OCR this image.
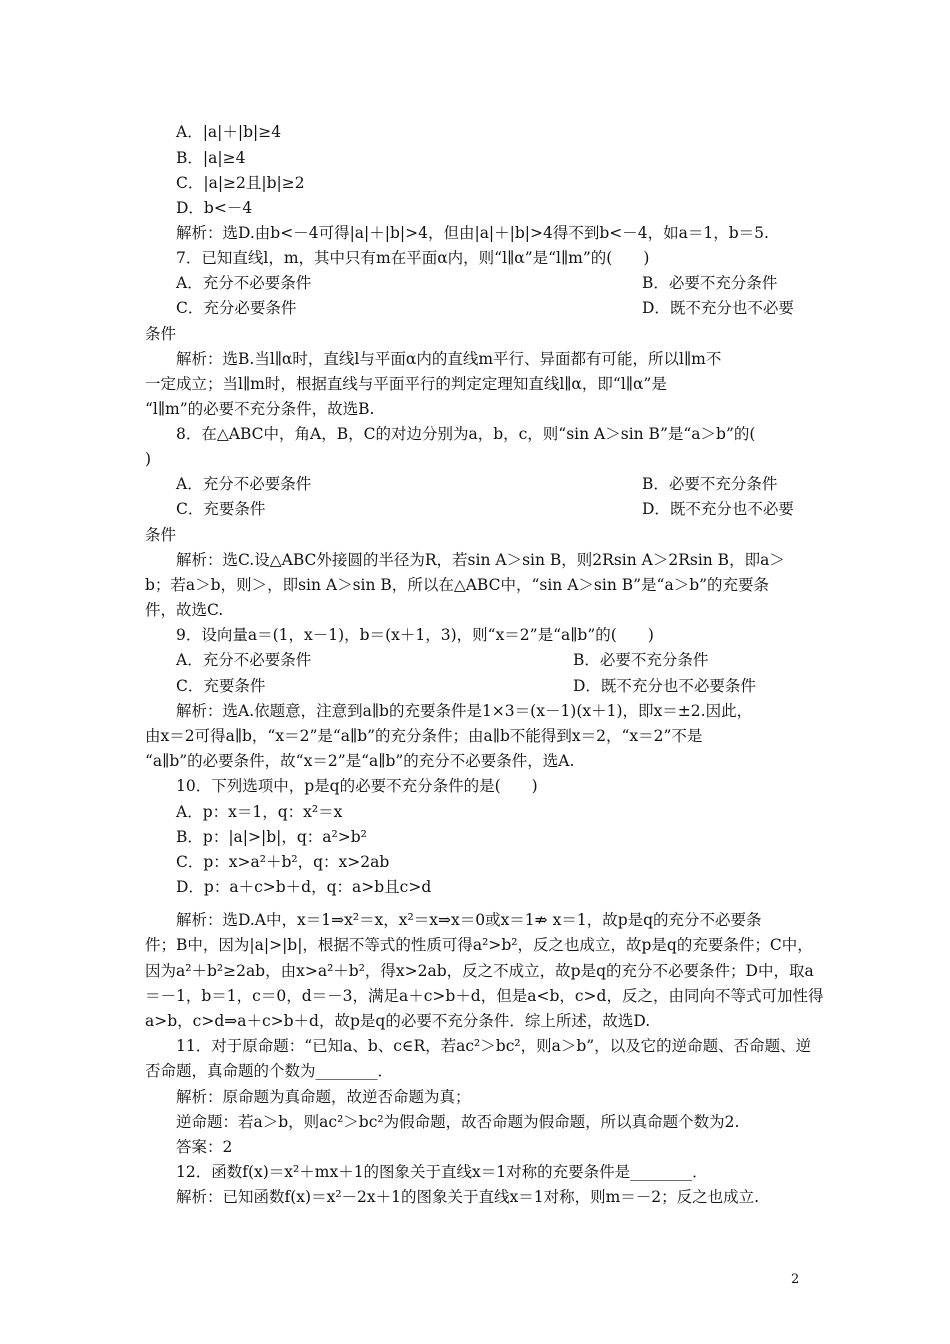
A．|a|＋|b|≥4
B．|a|≥4
C．|a|≥2且|b|≥2
D．b<－4
解析：选D.由b<－4可得|a|＋|b|>4，但由|a|＋|b|>4得不到b<－4，如a＝1，b＝5.
7．已知直线l，m，其中只有m在平面α内，则“l∥α”是“l∥m”的(　　)
A．充分不必要条件	B．必要不充分条件
C．充分必要条件	D．既不充分也不必要
条件
解析：选B.当l∥α时，直线l与平面α内的直线m平行、异面都有可能，所以l∥m不
一定成立；当l∥m时，根据直线与平面平行的判定定理知直线l∥α，即“l∥α”是
“l∥m”的必要不充分条件，故选B.
8．在△ABC中，角A，B，C的对边分别为a，b，c，则“sin A＞sin B”是“a＞b”的(
)
A．充分不必要条件	B．必要不充分条件
C．充要条件	D．既不充分也不必要
条件
解析：选C.设△ABC外接圆的半径为R，若sin A＞sin B，则2Rsin A＞2Rsin B，即a＞
b；若a＞b，则＞，即sin A＞sin B，所以在△ABC中，“sin A＞sin B”是“a＞b”的充要条
件，故选C.
9．设向量a＝(1，x－1)，b＝(x＋1，3)，则“x＝2”是“a∥b”的(　　)
A．充分不必要条件	B．必要不充分条件
C．充要条件	D．既不充分也不必要条件
解析：选A.依题意，注意到a∥b的充要条件是1×3＝(x－1)(x＋1)，即x＝±2.因此，
由x＝2可得a∥b，“x＝2”是“a∥b”的充分条件；由a∥b不能得到x＝2，“x＝2”不是
“a∥b”的必要条件，故“x＝2”是“a∥b”的充分不必要条件，选A.
10．下列选项中，p是q的必要不充分条件的是(　　)
A．p：x＝1，q：x²＝x
B．p：|a|>|b|，q：a²>b²
C．p：x>a²＋b²，q：x>2ab
D．p：a＋c>b＋d，q：a>b且c>d
解析：选D.A中，x＝1⇒x²＝x，x²＝x⇒x＝0或x＝1⇏ x＝1，故p是q的充分不必要条
件；B中，因为|a|>|b|，根据不等式的性质可得a²>b²，反之也成立，故p是q的充要条件；C中，
因为a²＋b²≥2ab，由x>a²＋b²，得x>2ab，反之不成立，故p是q的充分不必要条件；D中，取a
＝－1，b＝1，c＝0，d＝－3，满足a＋c>b＋d，但是a<b，c>d，反之，由同向不等式可加性得
a>b，c>d⇒a＋c>b＋d，故p是q的必要不充分条件．综上所述，故选D.
11．对于原命题：“已知a、b、c∈R，若ac²＞bc²，则a＞b”，以及它的逆命题、否命题、逆
否命题，真命题的个数为________．
解析：原命题为真命题，故逆否命题为真；
逆命题：若a＞b，则ac²＞bc²为假命题，故否命题为假命题，所以真命题个数为2.
答案：2
12．函数f(x)＝x²＋mx＋1的图象关于直线x＝1对称的充要条件是________．
解析：已知函数f(x)＝x²－2x＋1的图象关于直线x＝1对称，则m＝－2；反之也成立.
2
